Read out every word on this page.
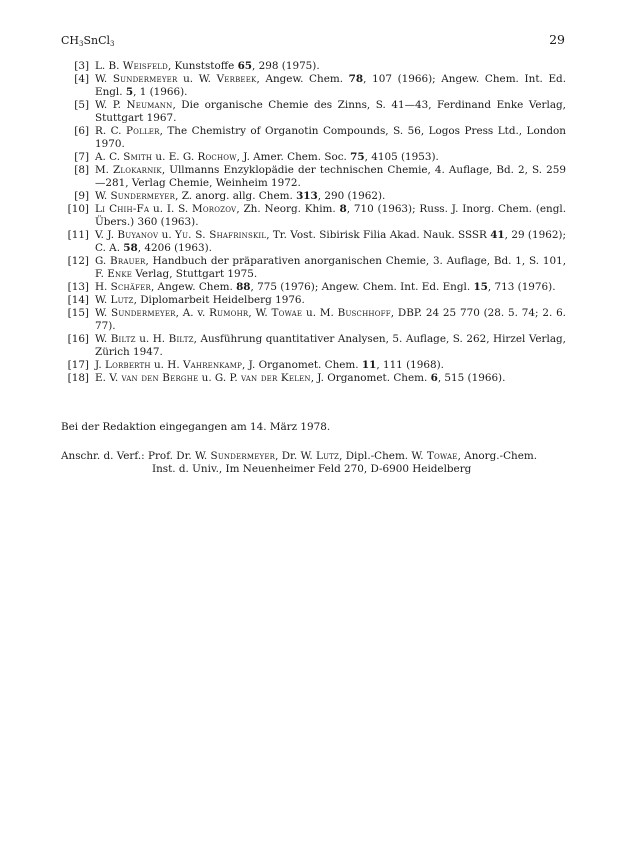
CH3SnCl3	29
[3] L. B. Weisfeld, Kunststoffe 65, 298 (1975).
[4] W. Sundermeyer u. W. Verbeek, Angew. Chem. 78, 107 (1966); Angew. Chem. Int. Ed. Engl. 5, 1 (1966).
[5] W. P. Neumann, Die organische Chemie des Zinns, S. 41—43, Ferdinand Enke Verlag, Stuttgart 1967.
[6] R. C. Poller, The Chemistry of Organotin Compounds, S. 56, Logos Press Ltd., London 1970.
[7] A. C. Smith u. E. G. Rochow, J. Amer. Chem. Soc. 75, 4105 (1953).
[8] M. Zlokarnik, Ullmanns Enzyklopädie der technischen Chemie, 4. Auflage, Bd. 2, S. 259—281, Verlag Chemie, Weinheim 1972.
[9] W. Sundermeyer, Z. anorg. allg. Chem. 313, 290 (1962).
[10] Li Chih-Fa u. I. S. Morozov, Zh. Neorg. Khim. 8, 710 (1963); Russ. J. Inorg. Chem. (engl. Übers.) 360 (1963).
[11] V. J. Buyanov u. Yu. S. Shafrinskil, Tr. Vost. Sibirisk Filia Akad. Nauk. SSSR 41, 29 (1962); C. A. 58, 4206 (1963).
[12] G. Brauer, Handbuch der präparativen anorganischen Chemie, 3. Auflage, Bd. 1, S. 101, F. Enke Verlag, Stuttgart 1975.
[13] H. Schäfer, Angew. Chem. 88, 775 (1976); Angew. Chem. Int. Ed. Engl. 15, 713 (1976).
[14] W. Lutz, Diplomarbeit Heidelberg 1976.
[15] W. Sundermeyer, A. v. Rumohr, W. Towae u. M. Buschhoff, DBP. 24 25 770 (28. 5. 74; 2. 6. 77).
[16] W. Biltz u. H. Biltz, Ausführung quantitativer Analysen, 5. Auflage, S. 262, Hirzel Verlag, Zürich 1947.
[17] J. Lorberth u. H. Vahrenkamp, J. Organomet. Chem. 11, 111 (1968).
[18] E. V. van den Berghe u. G. P. van der Kelen, J. Organomet. Chem. 6, 515 (1966).
Bei der Redaktion eingegangen am 14. März 1978.
Anschr. d. Verf.: Prof. Dr. W. Sundermeyer, Dr. W. Lutz, Dipl.-Chem. W. Towae, Anorg.-Chem.
Inst. d. Univ., Im Neuenheimer Feld 270, D-6900 Heidelberg
